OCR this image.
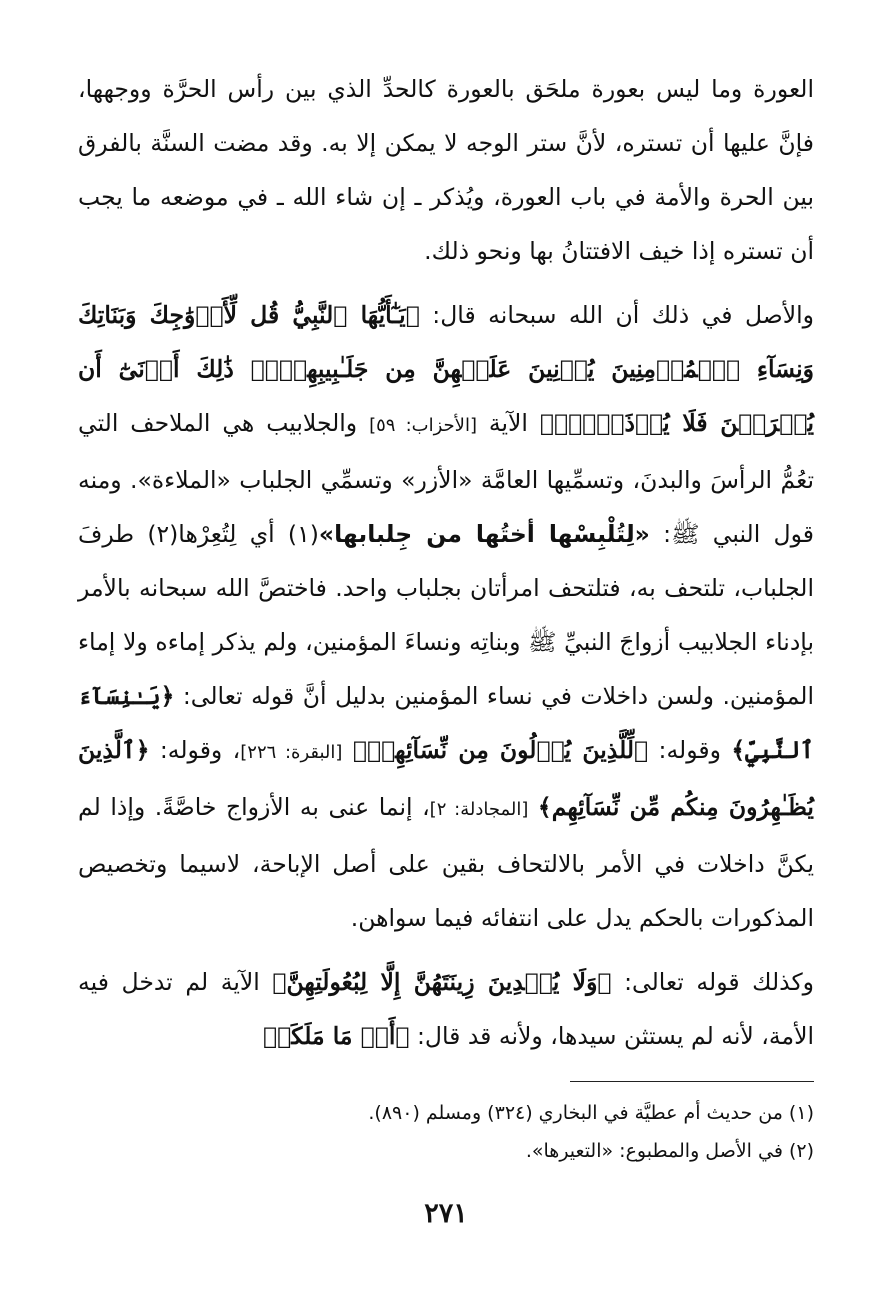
العورة وما ليس بعورة ملحَق بالعورة كالحدِّ الذي بين رأس الحرَّة ووجهها، فإنَّ عليها أن تستره، لأنَّ ستر الوجه لا يمكن إلا به. وقد مضت السنَّة بالفرق بين الحرة والأمة في باب العورة، ويُذكر ـ إن شاء الله ـ في موضعه ما يجب أن تستره إذا خيف الافتتانُ بها ونحو ذلك.

والأصل في ذلك أن الله سبحانه قال: ﴿يَـٰٓأَيُّهَا ٱلنَّبِيُّ قُل لِّأَزۡوَٰجِكَ وَبَنَاتِكَ وَنِسَآءِ ٱلۡمُؤۡمِنِينَ يُدۡنِينَ عَلَيۡهِنَّ مِن جَلَـٰبِيبِهِنَّۚ ذَٰلِكَ أَدۡنَىٰٓ أَن يُعۡرَفۡنَ فَلَا يُؤۡذَيۡنَۗ﴾ الآية [الأحزاب: ٥٩] والجلابيب هي الملاحف التي تعُمُّ الرأسَ والبدنَ، وتسمِّيها العامَّة «الأزر» وتسمِّي الجلباب «الملاءة». ومنه قول النبي ﷺ: «لِتُلْبِسْها أختُها من جِلبابها»(١) أي لِتُعِرْها(٢) طرفَ الجلباب، تلتحف به، فتلتحف امرأتان بجلباب واحد. فاختصَّ الله سبحانه بالأمر بإدناء الجلابيب أزواجَ النبيِّ ﷺ وبناتِه ونساءَ المؤمنين، ولم يذكر إماءه ولا إماء المؤمنين. ولسن داخلات في نساء المؤمنين بدليل أنَّ قوله تعالى: ﴿يَـٰنِسَآءَ ٱلنَّبِيِّ﴾ وقوله: ﴿لِّلَّذِينَ يُؤۡلُونَ مِن نِّسَآئِهِمۡ﴾ [البقرة: ٢٢٦]، وقوله: ﴿ٱلَّذِينَ يُظَـٰهِرُونَ مِنكُم مِّن نِّسَآئِهِم﴾ [المجادلة: ٢]، إنما عنى به الأزواج خاصَّةً. وإذا لم يكنَّ داخلات في الأمر بالالتحاف بقين على أصل الإباحة، لاسيما وتخصيص المذكورات بالحكم يدل على انتفائه فيما سواهن.

وكذلك قوله تعالى: ﴿وَلَا يُبۡدِينَ زِينَتَهُنَّ إِلَّا لِبُعُولَتِهِنَّ﴾ الآية لم تدخل فيه الأمة، لأنه لم يستثن سيدها، ولأنه قد قال: ﴿أَوۡ مَا مَلَكَتۡ

(١) من حديث أم عطيَّة في البخاري (٣٢٤) ومسلم (٨٩٠).

(٢) في الأصل والمطبوع: «التعيرها».

٢٧١
